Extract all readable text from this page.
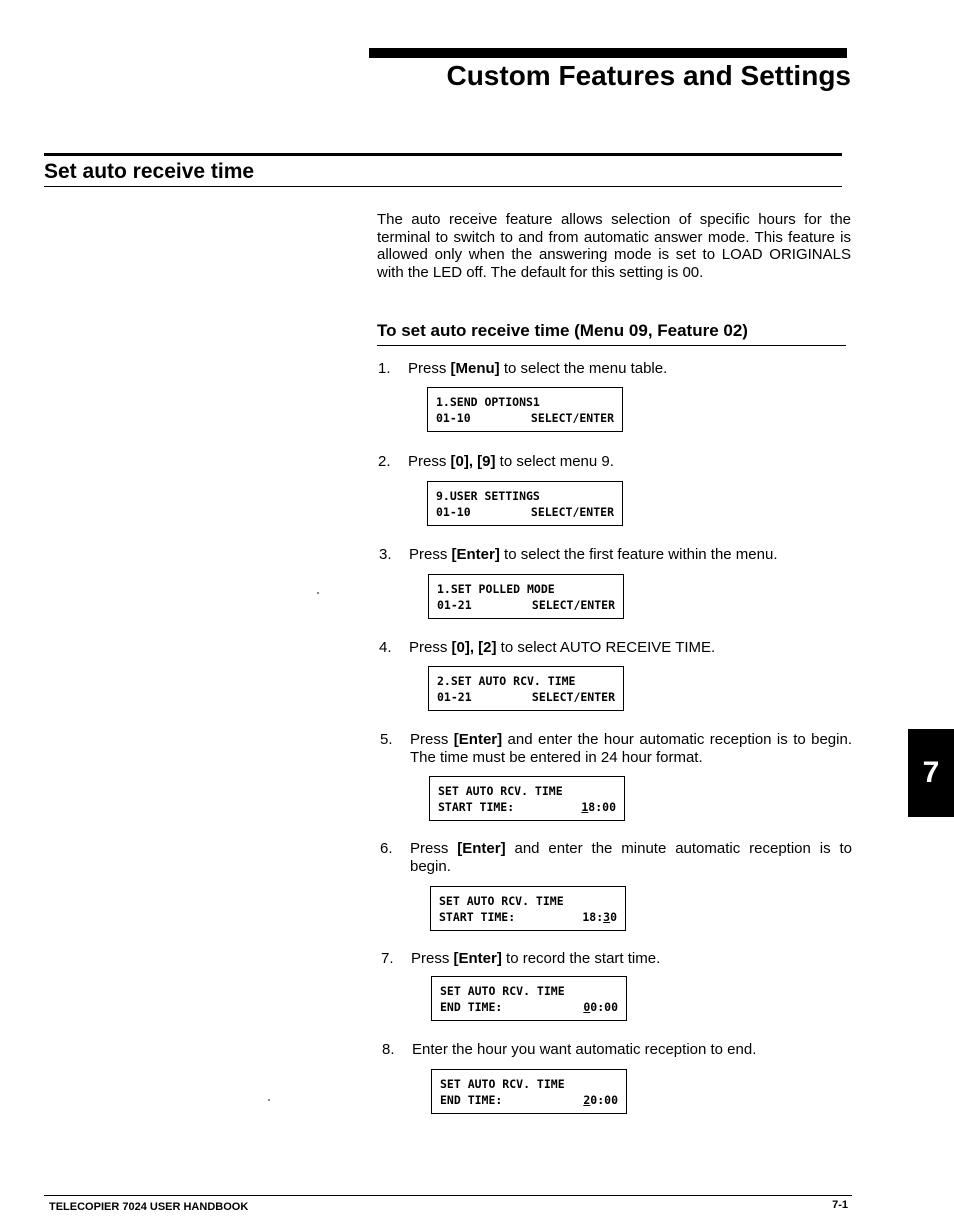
Custom Features and Settings
Set auto receive time

The auto receive feature allows selection of specific hours for the terminal to switch to and from automatic answer mode. This feature is allowed only when the answering mode is set to LOAD ORIGINALS with the LED off. The default for this setting is 00.

To set auto receive time (Menu 09, Feature 02)
1. Press [Menu] to select the menu table.
1.SEND OPTIONS1
01-10	SELECT/ENTER
2. Press [0], [9] to select menu 9.
9.USER SETTINGS
01-10	SELECT/ENTER
3. Press [Enter] to select the first feature within the menu.
1.SET POLLED MODE
01-21	SELECT/ENTER
4. Press [0], [2] to select AUTO RECEIVE TIME.
2.SET AUTO RCV. TIME
01-21	SELECT/ENTER
5. Press [Enter] and enter the hour automatic reception is to begin. The time must be entered in 24 hour format.
SET AUTO RCV. TIME
START TIME:	18:00
6. Press [Enter] and enter the minute automatic reception is to begin.
SET AUTO RCV. TIME
START TIME:	18:30
7. Press [Enter] to record the start time.
SET AUTO RCV. TIME
END TIME:	00:00
8. Enter the hour you want automatic reception to end.
SET AUTO RCV. TIME
END TIME:	20:00
7
TELECOPIER 7024 USER HANDBOOK	7-1
